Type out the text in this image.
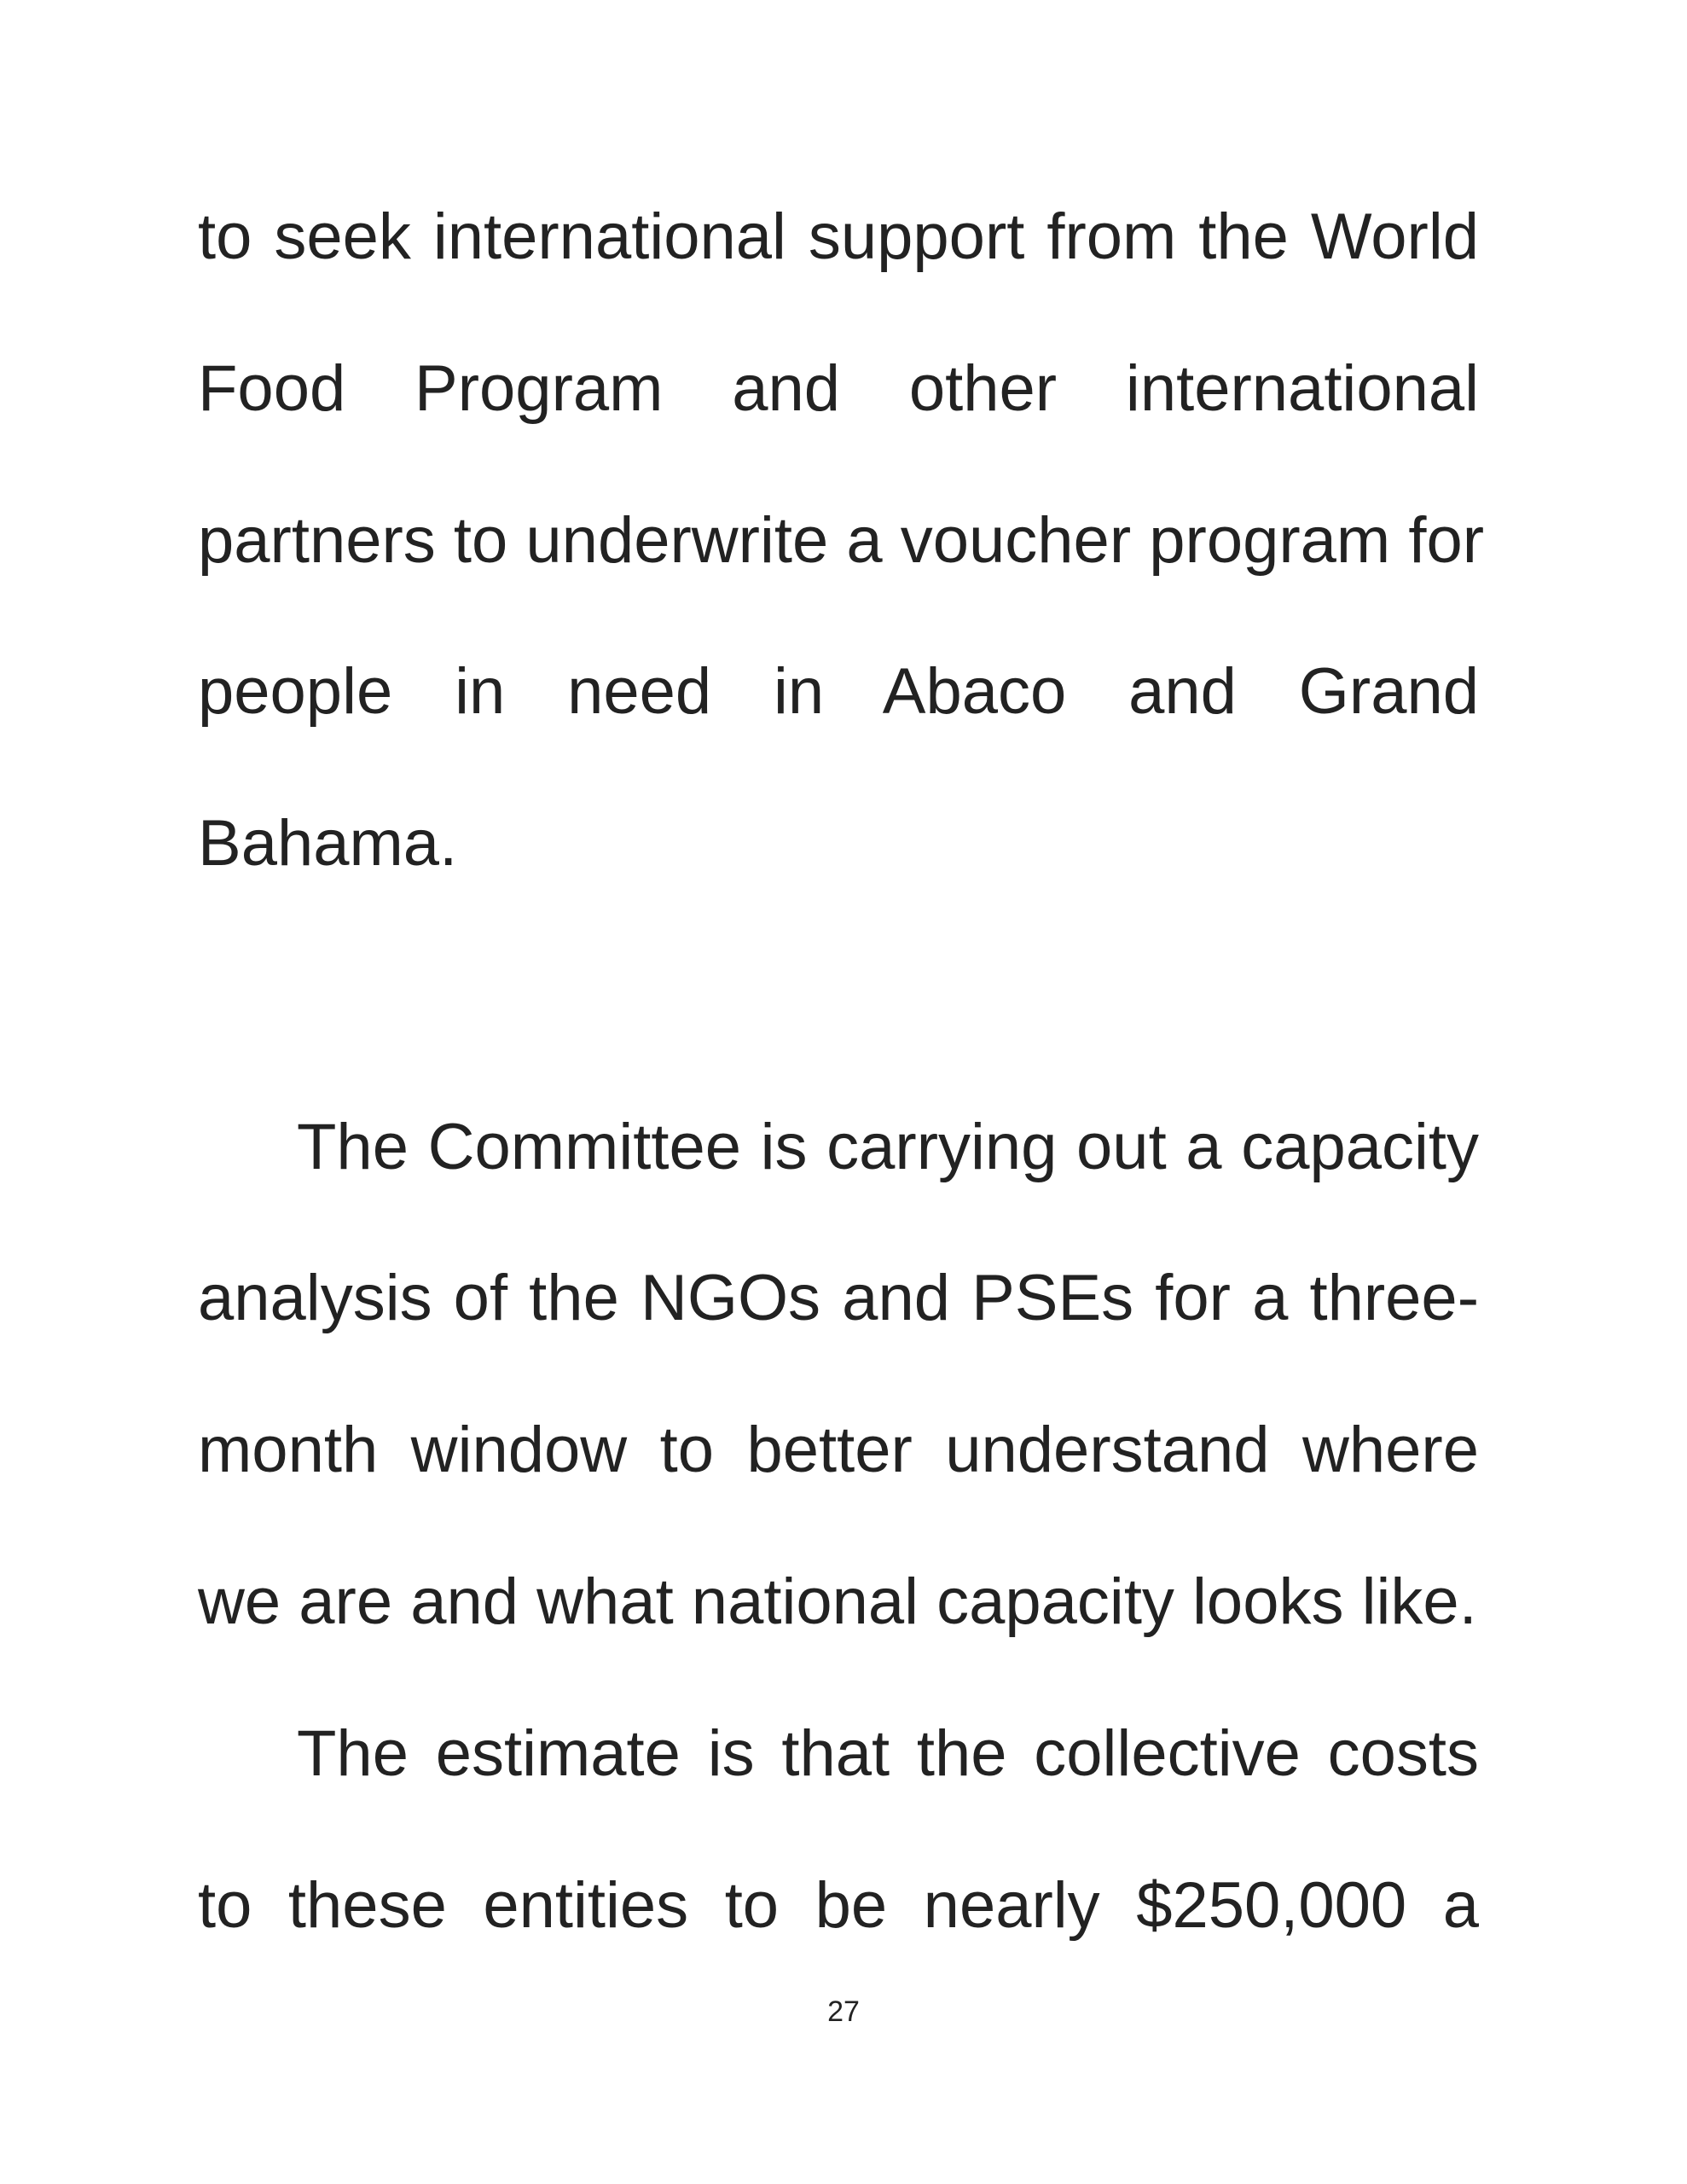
to seek international support from the World
Food Program and other international
partners to underwrite a voucher program for
people in need in Abaco and Grand
Bahama.
The Committee is carrying out a capacity
analysis of the NGOs and PSEs for a three-
month window to better understand where
we are and what national capacity looks like.
The estimate is that the collective costs
to these entities to be nearly $250,000 a
27
